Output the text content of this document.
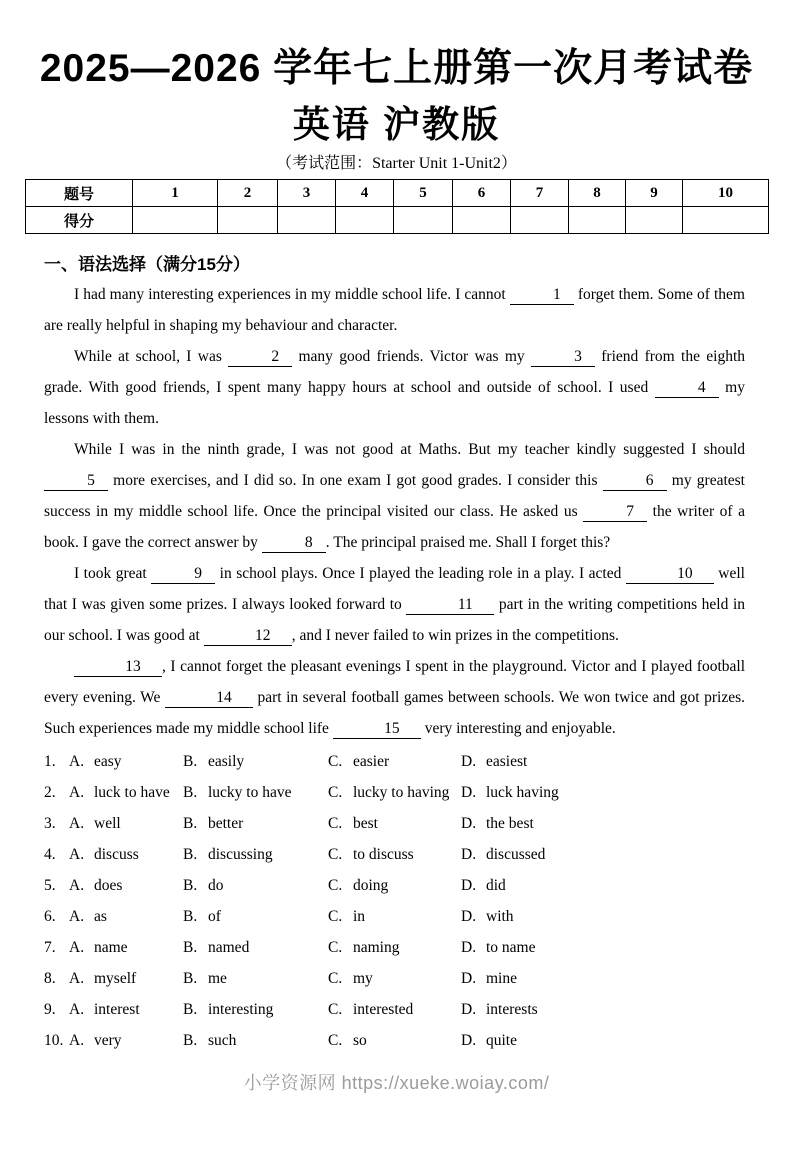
2025—2026 学年七上册第一次月考试卷
英语 沪教版
（考试范围：Starter Unit 1-Unit2）
题号	1	2	3	4	5	6	7	8	9	10
得分										
一、语法选择（满分15分）

I had many interesting experiences in my middle school life. I cannot	1 forget them. Some of them are really helpful in shaping my behaviour and character.

While at school, I was	2 many good friends. Victor was my	3 friend from the eighth grade. With good friends, I spent many happy hours at school and outside of school. I used	4 my lessons with them.

While I was in the ninth grade, I was not good at Maths. But my teacher kindly suggested I should 5 more exercises, and I did so. In one exam I got good grades. I consider this	6 my greatest success in my middle school life. Once the principal visited our class. He asked us	7 the writer of a book. I gave the correct answer by	8 . The principal praised me. Shall I forget this?

I took great	9 in school plays. Once I played the leading role in a play. I acted	10 well that I was given some prizes. I always looked forward to	11 part in the writing competitions held in our school. I was good at	12 , and I never failed to win prizes in the competitions.

13 , I cannot forget the pleasant evenings I spent in the playground. Victor and I played football every evening. We	14 part in several football games between schools. We won twice and got prizes. Such experiences made my middle school life	15 very interesting and enjoyable.

1. A. easy	B. easily	C. easier	D. easiest
2. A. luck to have B. lucky to have	C. lucky to having D. luck having
3. A. well	B. better	C. best	D. the best
4. A. discuss	B. discussing	C. to discuss	D. discussed
5. A. does	B. do	C. doing	D. did
6. A. as	B. of	C. in	D. with
7. A. name	B. named	C. naming	D. to name
8. A. myself	B. me	C. my	D. mine
9. A. interest	B. interesting	C. interested	D. interests
10. A. very	B. such	C. so	D. quite
小学资源网 https://xueke.woiay.com/
